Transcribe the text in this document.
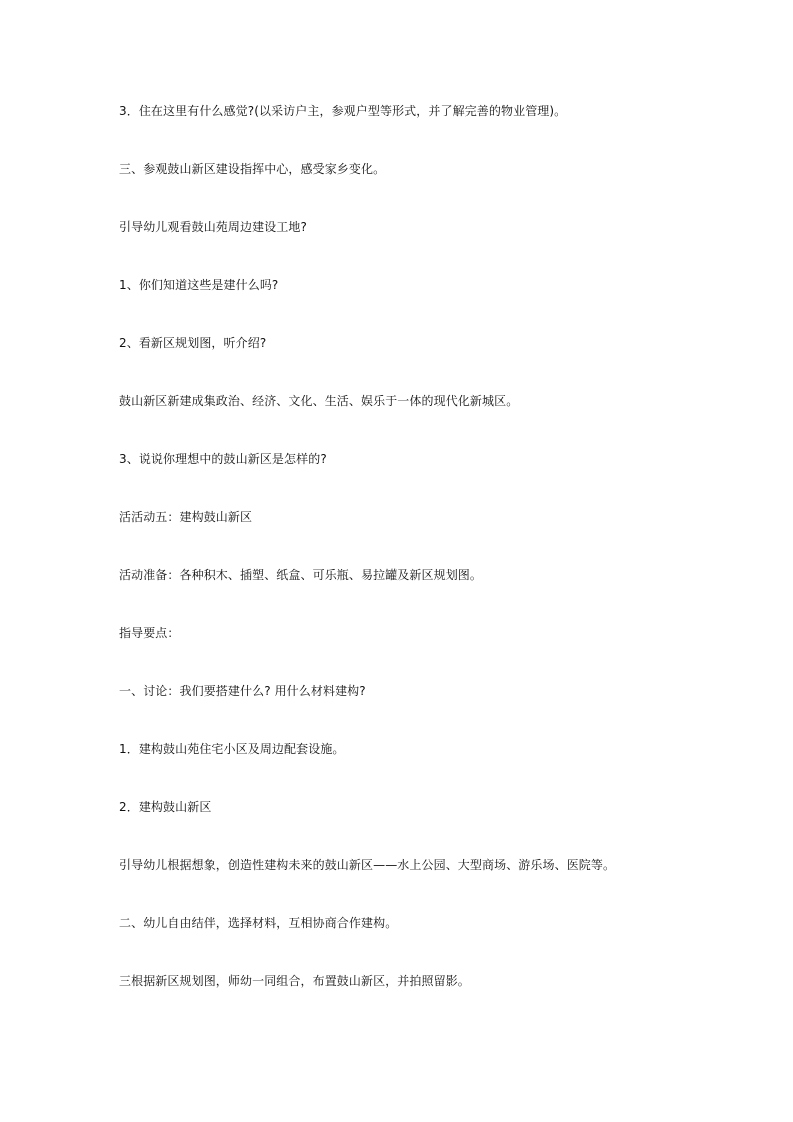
3．住在这里有什么感觉?(以采访户主，参观户型等形式，并了解完善的物业管理)。

三、参观鼓山新区建设指挥中心，感受家乡变化。

引导幼儿观看鼓山苑周边建设工地?

1、你们知道这些是建什么吗?

2、看新区规划图，听介绍?

鼓山新区新建成集政治、经济、文化、生活、娱乐于一体的现代化新城区。

3、说说你理想中的鼓山新区是怎样的?

活活动五：建构鼓山新区

活动准备：各种积木、插塑、纸盒、可乐瓶、易拉罐及新区规划图。

指导要点：

一、讨论：我们要搭建什么? 用什么材料建构?

1．建构鼓山苑住宅小区及周边配套设施。

2．建构鼓山新区

引导幼儿根据想象，创造性建构未来的鼓山新区——水上公园、大型商场、游乐场、医院等。

二、幼儿自由结伴，选择材料，互相协商合作建构。

三根据新区规划图，师幼一同组合，布置鼓山新区，并拍照留影。
